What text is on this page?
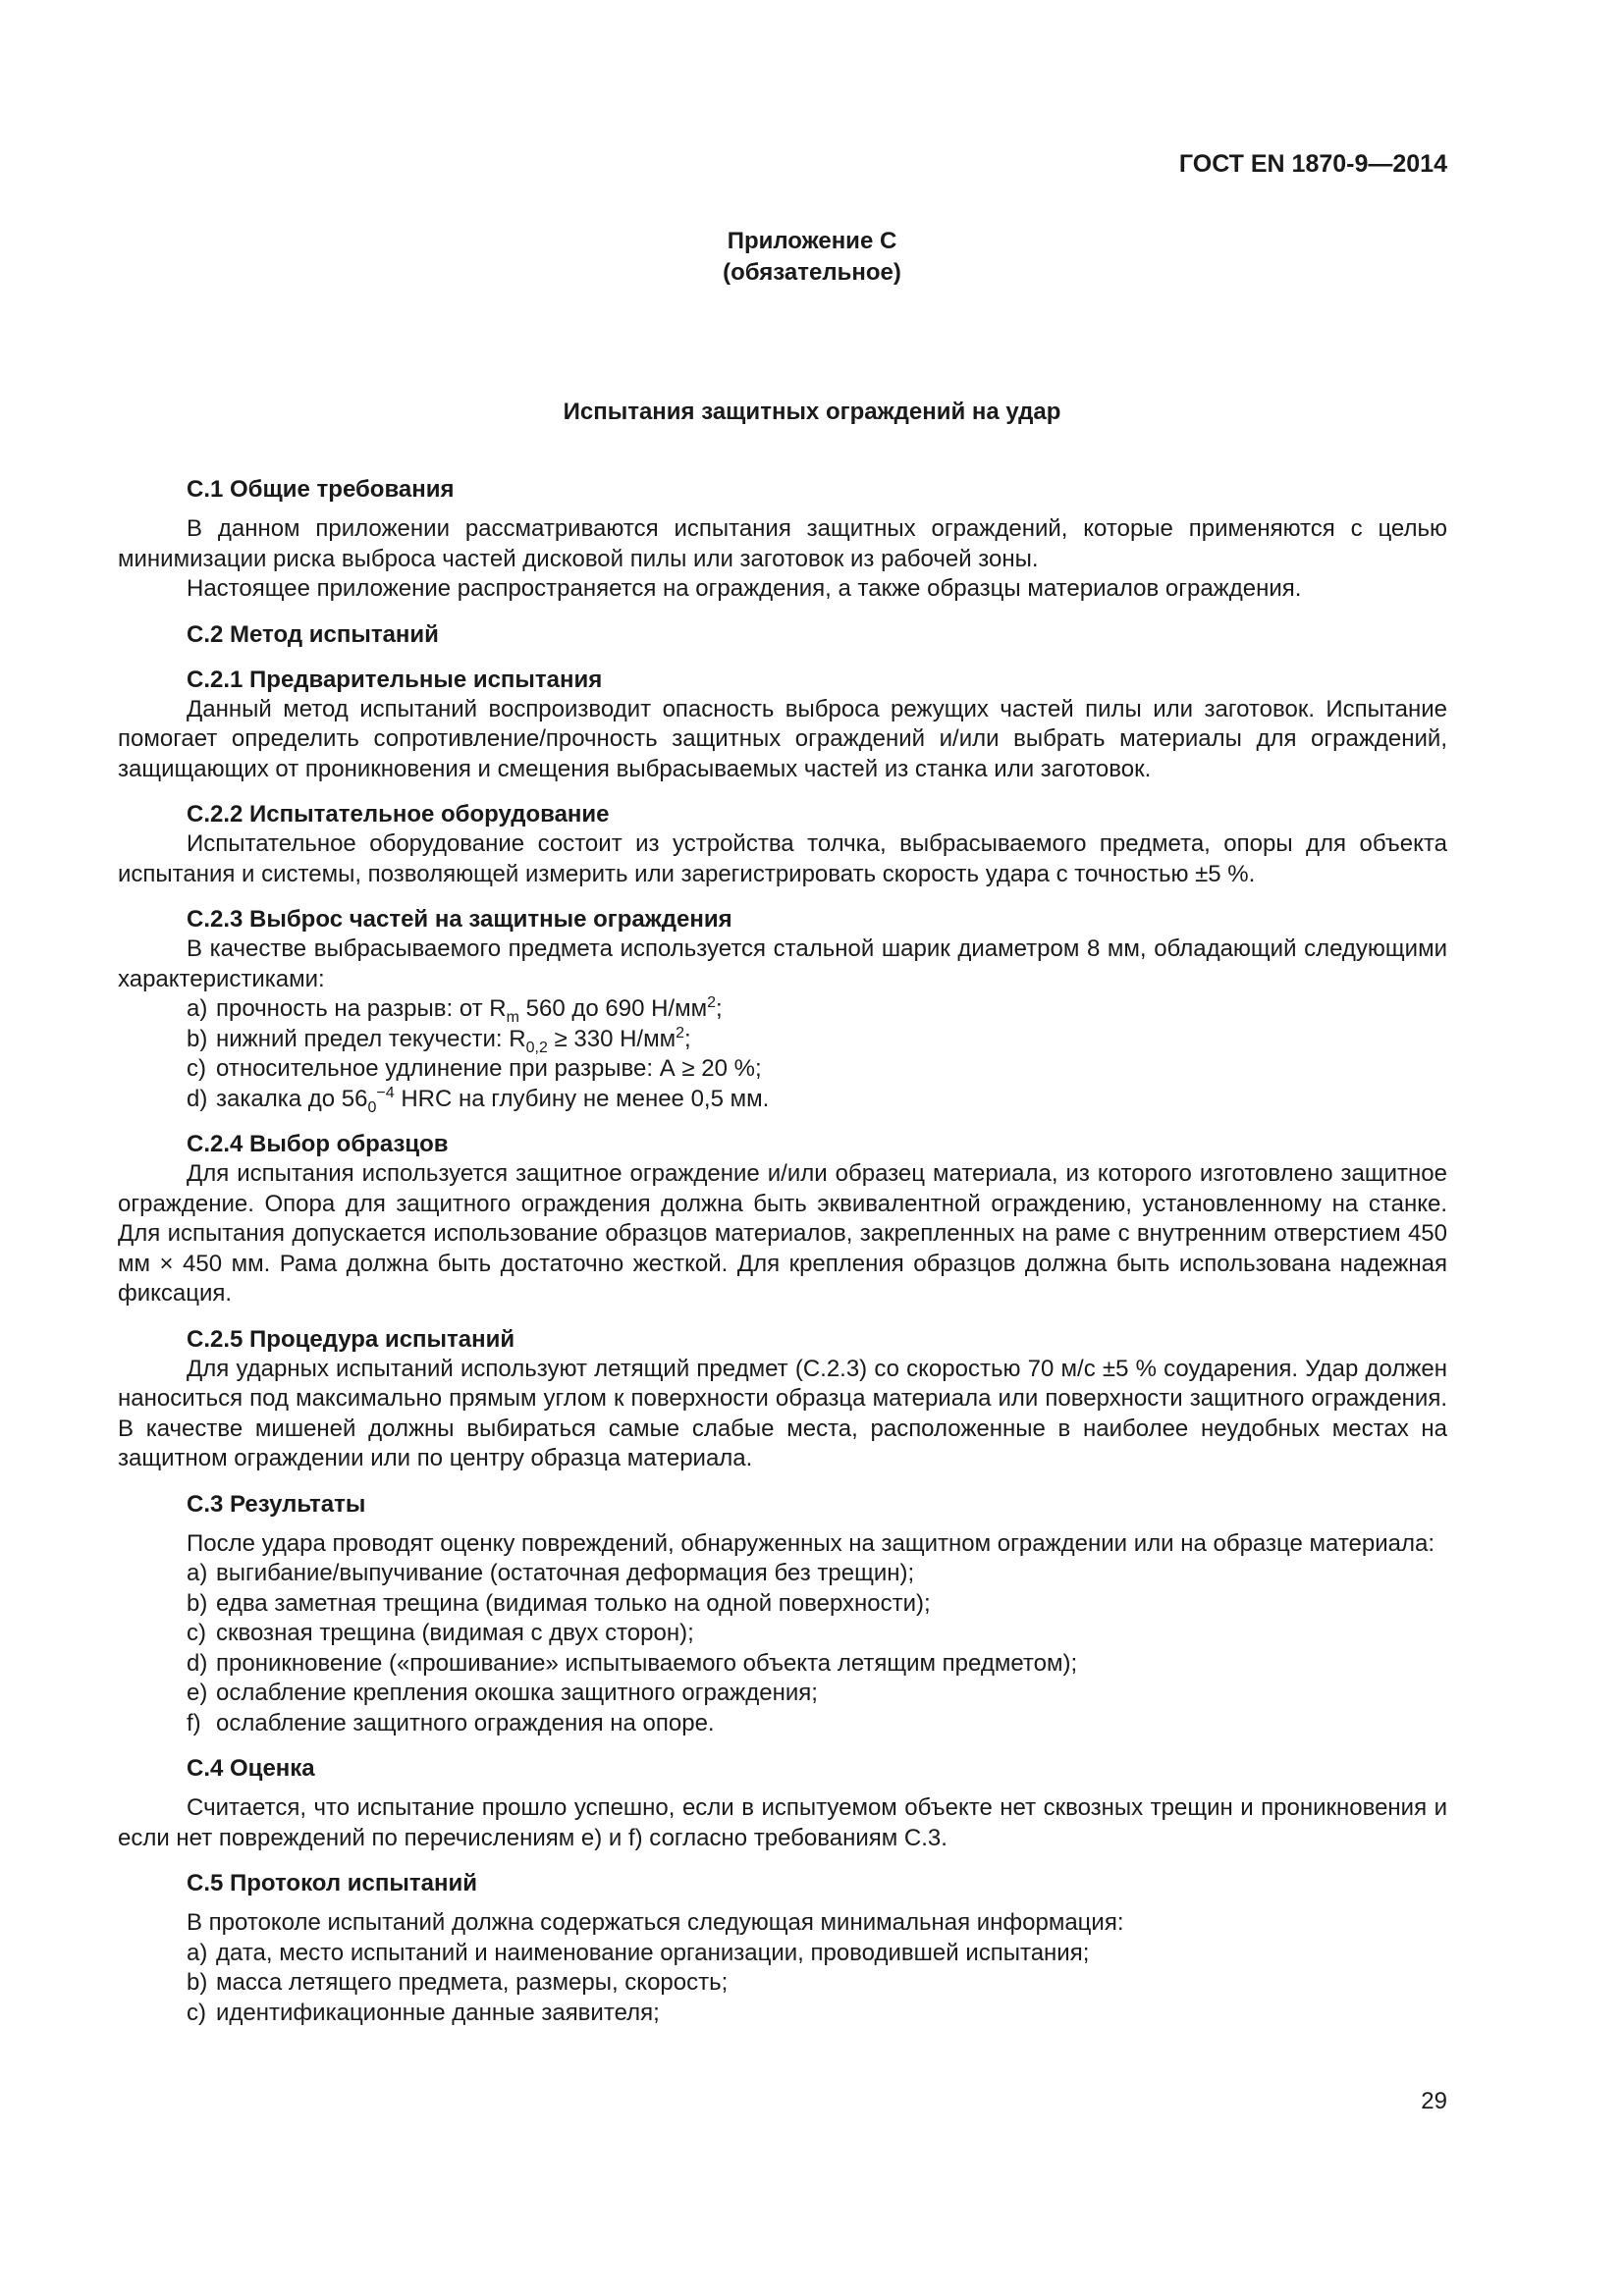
ГОСТ EN 1870-9—2014
Приложение С
(обязательное)
Испытания защитных ограждений на удар
С.1 Общие требования

В данном приложении рассматриваются испытания защитных ограждений, которые применяются с целью минимизации риска выброса частей дисковой пилы или заготовок из рабочей зоны.

Настоящее приложение распространяется на ограждения, а также образцы материалов ограждения.

С.2 Метод испытаний
С.2.1 Предварительные испытания

Данный метод испытаний воспроизводит опасность выброса режущих частей пилы или заготовок. Испытание помогает определить сопротивление/прочность защитных ограждений и/или выбрать материалы для ограждений, защищающих от проникновения и смещения выбрасываемых частей из станка или заготовок.

С.2.2 Испытательное оборудование

Испытательное оборудование состоит из устройства толчка, выбрасываемого предмета, опоры для объекта испытания и системы, позволяющей измерить или зарегистрировать скорость удара с точностью ±5 %.

С.2.3 Выброс частей на защитные ограждения

В качестве выбрасываемого предмета используется стальной шарик диаметром 8 мм, обладающий следующими характеристиками:

a) прочность на разрыв: от $R_m$ 560 до 690 $Н/мм^2$;
b) нижний предел текучести: $R_{0,2} \ge 330$ $Н/мм^2$;
c) относительное удлинение при разрыве: А ≥ 20 %;
d) закалка до $56_0^{-4}$ HRC на глубину не менее 0,5 мм.
С.2.4 Выбор образцов

Для испытания используется защитное ограждение и/или образец материала, из которого изготовлено защитное ограждение. Опора для защитного ограждения должна быть эквивалентной ограждению, установленному на станке. Для испытания допускается использование образцов материалов, закрепленных на раме с внутренним отверстием 450 мм × 450 мм. Рама должна быть достаточно жесткой. Для крепления образцов должна быть использована надежная фиксация.

С.2.5 Процедура испытаний

Для ударных испытаний используют летящий предмет (С.2.3) со скоростью 70 м/с ±5 % соударения. Удар должен наноситься под максимально прямым углом к поверхности образца материала или поверхности защитного ограждения. В качестве мишеней должны выбираться самые слабые места, расположенные в наиболее неудобных местах на защитном ограждении или по центру образца материала.

С.3 Результаты

После удара проводят оценку повреждений, обнаруженных на защитном ограждении или на образце материала:

a) выгибание/выпучивание (остаточная деформация без трещин);
b) едва заметная трещина (видимая только на одной поверхности);
c) сквозная трещина (видимая с двух сторон);
d) проникновение («прошивание» испытываемого объекта летящим предметом);
e) ослабление крепления окошка защитного ограждения;
f) ослабление защитного ограждения на опоре.
С.4 Оценка

Считается, что испытание прошло успешно, если в испытуемом объекте нет сквозных трещин и проникновения и если нет повреждений по перечислениям e) и f) согласно требованиям С.3.

С.5 Протокол испытаний

В протоколе испытаний должна содержаться следующая минимальная информация:

a) дата, место испытаний и наименование организации, проводившей испытания;
b) масса летящего предмета, размеры, скорость;
c) идентификационные данные заявителя;
29
